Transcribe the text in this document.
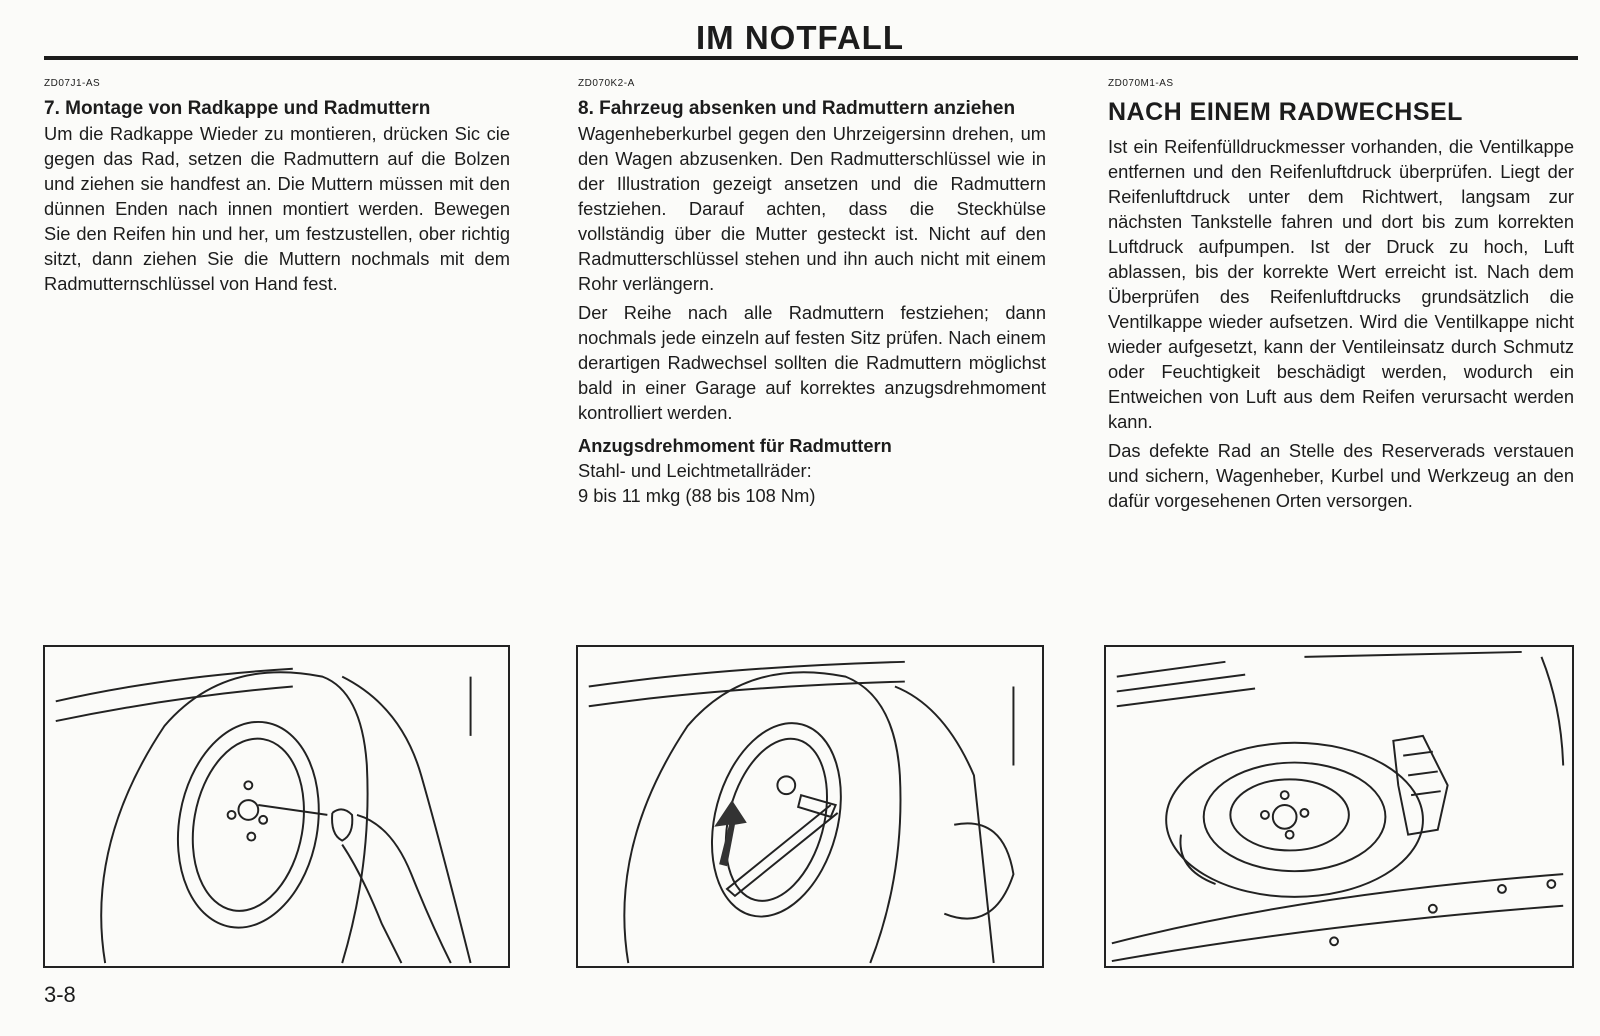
IM NOTFALL

ZD07J1-AS

7. Montage von Radkappe und Radmuttern

Um die Radkappe Wieder zu montieren, drücken Sic cie gegen das Rad, setzen die Radmuttern auf die Bolzen und ziehen sie handfest an. Die Muttern müssen mit den dünnen Enden nach innen montiert werden. Bewegen Sie den Reifen hin und her, um festzustellen, ober richtig sitzt, dann ziehen Sie die Muttern nochmals mit dem Radmutternschlüssel von Hand fest.

ZD070K2-A

8. Fahrzeug absenken und Radmuttern anziehen

Wagenheberkurbel gegen den Uhrzeigersinn drehen, um den Wagen abzusenken. Den Radmutterschlüssel wie in der Illustration gezeigt ansetzen und die Radmuttern festziehen. Darauf achten, dass die Steckhülse vollständig über die Mutter gesteckt ist. Nicht auf den Radmutterschlüssel stehen und ihn auch nicht mit einem Rohr verlängern.

Der Reihe nach alle Radmuttern festziehen; dann nochmals jede einzeln auf festen Sitz prüfen. Nach einem derartigen Radwechsel sollten die Radmuttern möglichst bald in einer Garage auf korrektes anzugsdrehmoment kontrolliert werden.

Anzugsdrehmoment für Radmuttern

Stahl- und Leichtmetallräder:

9 bis 11 mkg (88 bis 108 Nm)

ZD070M1-AS

NACH EINEM RADWECHSEL

Ist ein Reifenfülldruckmesser vorhanden, die Ventilkappe entfernen und den Reifenluftdruck überprüfen. Liegt der Reifenluftdruck unter dem Richtwert, langsam zur nächsten Tankstelle fahren und dort bis zum korrekten Luftdruck aufpumpen. Ist der Druck zu hoch, Luft ablassen, bis der korrekte Wert erreicht ist. Nach dem Überprüfen des Reifenluftdrucks grundsätzlich die Ventilkappe wieder aufsetzen. Wird die Ventilkappe nicht wieder aufgesetzt, kann der Ventileinsatz durch Schmutz oder Feuchtigkeit beschädigt werden, wodurch ein Entweichen von Luft aus dem Reifen verursacht werden kann.

Das defekte Rad an Stelle des Reserverads verstauen und sichern, Wagenheber, Kurbel und Werkzeug an den dafür vorgesehenen Orten versorgen.

3-8
